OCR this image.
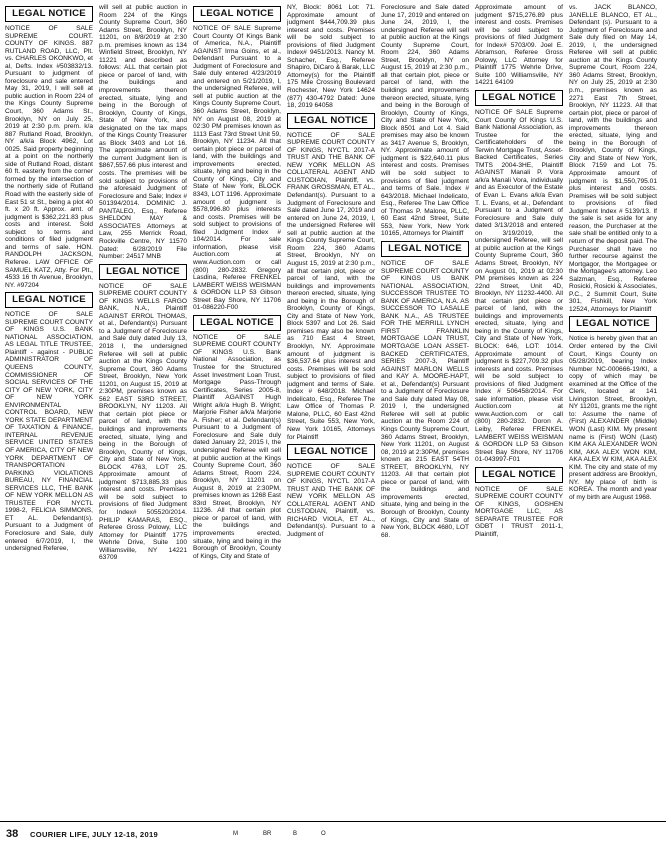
LEGAL NOTICE

NOTICE OF SALE SUPREME COURT. COUNTY OF KINGS. 887 RUTLAND ROAD, LLC, Plt. vs. CHARLES OKONKWO, et al, Defts. Index #503832/13. Pursuant to judgment of foreclosure and sale entered May 31, 2019, I will sell at public auction in Room 224 of the Kings County Supreme Court, 360 Adams St., Brooklyn, NY on July 25, 2019 at 2:30 p.m. prem. k/a 887 Rutland Road, Brooklyn, NY a/k/a Block 4962, Lot 0025. Said property beginning at a point on the northerly side of Rutland Road, distant 60 ft. easterly from the corner formed by the intersection of the northerly side of Rutland Road with the easterly side of East 51 st St., being a plot 40 ft. x 20 ft. Approx. amt. of judgment is $362,221.83 plus costs and interest. Sold subject to terms and conditions of filed judgment and terms of sale. HON. RANDOLPH JACKSON, Referee. LAW OFFICE OF SAMUEL KATZ, Atty. For Plt., 4533 16 th Avenue, Brooklyn, NY. #97204

LEGAL NOTICE

NOTICE OF SALE SUPREME COURT COUNTY OF KINGS U.S. BANK NATIONAL ASSOCIATION, AS LEGAL TITLE TRUSTEE, Plaintiff - against - PUBLIC ADMINISTRATOR OF QUEENS COUNTY, COMMISSIONER OF SOCIAL SERVICES OF THE CITY OF NEW YORK, CITY OF NEW YORK ENVIRONMENTAL CONTROL BOARD, NEW YORK STATE DEPARTMENT OF TAXATION & FINANCE, INTERNAL REVENUE SERVICE UNITED STATES OF AMERICA, CITY OF NEW YORK DEPARTMENT OF TRANSPORTATION PARKING VIOLATIONS BUREAU, NY FINANCIAL SERVICES LLC, THE BANK OF NEW YORK MELLON AS TRUSTEE FOR NYCTL 1998-2, FELICIA SIMMONS, ET AL. Defendant(s). Pursuant to a Judgment of Foreclosure and Sale, duly entered 6/7/2019, I, the undersigned Referee,

will sell at public auction in Room 224 of the Kings County Supreme Court, 360 Adams Street, Brooklyn, NY 11201, on 8/8/2019 at 2:30 p.m. premises known as 134 Winfield Street, Brooklyn, NY 11221 and described as follows: ALL that certain plot piece or parcel of land, with the buildings and improvements thereon erected, situate, lying and being in the Borough of Brooklyn, County of Kings, State of New York, and designated on the tax maps of the Kings County Treasurer as Block 3403 and Lot 16. The approximate amount of the current Judgment lien is $867,557.66 plus interest and costs. The premises will be sold subject to provisions of the aforesaid Judgment of Foreclosure and Sale; Index # 501394/2014. DOMINIC J. PANTALEO, Esq., Referee SHELDON MAY & ASSOCIATES Attorneys at Law, 255 Merrick Road, Rockville Centre, NY 11570 Dated: 6/28/2019 File Number: 24517 MNB

LEGAL NOTICE

NOTICE OF SALE SUPREME COURT COUNTY OF KINGS WELLS FARGO BANK, N.A., Plaintiff AGAINST ERROL THOMAS, et al., Defendant(s) Pursuant to a Judgment of Foreclosure and Sale duly dated July 13, 2018 I, the undersigned Referee will sell at public auction at the Kings County Supreme Court, 360 Adams Street, Brooklyn, New York 11201, on August 15, 2019 at 2:30PM, premises known as 562 EAST 53RD STREET, BROOKLYN, NY 11203. All that certain plot piece or parcel of land, with the buildings and improvements erected, situate, lying and being in the Borough of Brooklyn, County of Kings, City and State of New York, BLOCK 4763, LOT 25. Approximate amount of judgment $713,885.33 plus interest and costs. Premises will be sold subject to provisions of filed Judgment for Index# 505520/2014. PHILIP KAMARAS, ESQ., Referee Gross Polowy, LLC Attorney for Plaintiff 1775 Wehrle Drive, Suite 100 Williamsville, NY 14221 63709

LEGAL NOTICE

NOTICE OF SALE Supreme Court County Of Kings Bank of America, N.A., Plaintiff AGAINST Irma Goins, et al., Defendant Pursuant to a Judgment of Foreclosure and Sale duly entered 4/23/2019 and entered on 5/21/2019, I, the undersigned Referee, will sell at public auction at the Kings County Supreme Court, 360 Adams Street, Brooklyn, NY on August 08, 2019 at 02:30 PM premises known as 1113 East 73rd Street Unit 59, Brooklyn, NY 11234. All that certain plot piece or parcel of land, with the buildings and improvements erected, situate, lying and being in the County of Kings, City and State of New York, BLOCK 8343, LOT 1196. Approximate amount of judgment is $578,996.80 plus interests and costs. Premises will be sold subject to provisions of filed Judgment Index # 104/2014. For sale information, please visit Auction.com at www.Auction.com or call (800) 280-2832. Gregory Lasdina, Referee FRENKEL LAMBERT WEISS WEISMAN & GORDON LLP 53 Gibson Street Bay Shore, NY 11706 01-086220-F00

LEGAL NOTICE

NOTICE OF SALE SUPREME COURT COUNTY OF KINGS U.S. Bank National Association, as Trustee for the Structured Asset Investment Loan Trust, Mortgage Pass-Through Certificates, Series 2005-8, Plaintiff AGAINST Hugh Wright a/k/a Hugh B. Wright; Marjorie Fisher a/k/a Marjorie A. Fisher; et al. Defendant(s) Pursuant to a Judgment of Foreclosure and Sale duly dated January 22, 2015 I, the undersigned Referee will sell at public auction at the Kings County Supreme Court, 360 Adams Street, Room 224, Brooklyn, NY 11201 on August 8, 2019 at 2:30PM, premises known as 1268 East 83rd Street, Brooklyn, NY 11236. All that certain plot piece or parcel of land, with the buildings and improvements erected, situate, lying and being in the Borough of Brooklyn, County of Kings, City and State of

NY, Block: 8061 Lot: 71. Approximate amount of judgment $444,709.39 plus interest and costs. Premises will be sold subject to provisions of filed Judgment Index# 9451/2013. Nancy M. Schacher, Esq., Referee Shapiro, DiCaro & Barak, LLC Attorney(s) for the Plaintiff 175 Mile Crossing Boulevard Rochester, New York 14624 (877) 430-4792 Dated: June 18, 2019 64058

LEGAL NOTICE

NOTICE OF SALE SUPREME COURT COUNTY OF KINGS, NYCTL 2017-A TRUST AND THE BANK OF NEW YORK MELLON AS COLLATERAL AGENT AND CUSTODIAN, Plaintiff, vs. FRANK GROSSMAN, ET AL., Defendant(s). Pursuant to a Judgment of Foreclosure and Sale dated June 17, 2019 and entered on June 24, 2019, I, the undersigned Referee will sell at public auction at the Kings County Supreme Court, Room 224, 360 Adams Street, Brooklyn, NY on August 15, 2019 at 2:30 p.m., all that certain plot, piece or parcel of land, with the buildings and improvements thereon erected, situate, lying and being in the Borough of Brooklyn, County of Kings, City and State of New York, Block 5397 and Lot 26. Said premises may also be known as 710 East 4 Street, Brooklyn, NY. Approximate amount of judgment is $36,537.64 plus interest and costs. Premises will be sold subject to provisions of filed judgment and terms of Sale. Index # 648/2018. Michael Indelicato, Esq., Referee The Law Office of Thomas P. Malone, PLLC, 60 East 42nd Street, Suite 553, New York, New York 10165, Attorneys for Plaintiff

LEGAL NOTICE

NOTICE OF SALE SUPREME COURT COUNTY OF KINGS, NYCTL 2017-A TRUST AND THE BANK OF NEW YORK MELLON AS COLLATERAL AGENT AND CUSTODIAN, Plaintiff, vs. RICHARD VIOLA, ET AL., Defendant(s). Pursuant to a Judgment of

Foreclosure and Sale dated June 17, 2019 and entered on June 24, 2019, I, the undersigned Referee will sell at public auction at the Kings County Supreme Court, Room 224, 360 Adams Street, Brooklyn, NY on August 15, 2019 at 2:30 p.m., all that certain plot, piece or parcel of land, with the buildings and improvements thereon erected, situate, lying and being in the Borough of Brooklyn, County of Kings, City and State of New York, Block 8501 and Lot 4. Said premises may also be known as 3417 Avenue S, Brooklyn, NY. Approximate amount of judgment is $22,640.11 plus interest and costs. Premises will be sold subject to provisions of filed judgment and terms of Sale. Index # 643/2018. Michael Indelicato, Esq., Referee The Law Office of Thomas P. Malone, PLLC, 60 East 42nd Street, Suite 553, New York, New York 10165, Attorneys for Plaintiff

LEGAL NOTICE

NOTICE OF SALE SUPREME COURT COUNTY OF KINGS US BANK NATIONAL ASSOCIATION, SUCCESSOR TRUSTEE TO BANK OF AMERICA, N.A. AS SUCCESSOR TO LASALLE BANK N.A., AS TRUSTEE FOR THE MERRILL LYNCH FIRST FRANKLIN MORTGAGE LOAN TRUST, MORTGAGE LOAN ASSET-BACKED CERTIFICATES, SERIES 2007-3, Plaintiff AGAINST MARLON WELLS and KAY A. MOORE-HAPT, et al., Defendant(s) Pursuant to a Judgment of Foreclosure and Sale duly dated May 08, 2019 I, the undersigned Referee will sell at public auction at the Room 224 of Kings County Supreme Court, 360 Adams Street, Brooklyn, New York 11201, on August 08, 2019 at 2:30PM, premises known as 215 EAST 54TH STREET, BROOKLYN, NY 11203. All that certain plot piece or parcel of land, with the buildings and improvements erected, situate, lying and being in the Borough of Brooklyn, County of Kings, City and State of New York, BLOCK 4680, LOT 68.

Approximate amount of judgment $715,276.89 plus interest and costs. Premises will be sold subject to provisions of filed Judgment for Index# 5703/09. Joel E. Abramson, Referee Gross Polowy, LLC Attorney for Plaintiff 1775 Wehrle Drive, Suite 100 Williamsville, NY 14221 64109

LEGAL NOTICE

NOTICE OF SALE Supreme Court County Of Kings U.S. Bank National Association, as Trustee for the Certificateholders of the Terwin Mortgage Trust, Asset-Backed Certificates, Series TMTS 2004-3HE, Plaintiff AGAINST Manali P. Vora a/k/a Manali Vora, individually and as Executor of the Estate of Evan L. Evans a/k/a Evan T. L. Evans, et al., Defendant Pursuant to a Judgment of Foreclosure and Sale duly dated 3/13/2018 and entered on 3/19/2019, the undersigned Referee, will sell at public auction at the Kings County Supreme Court, 360 Adams Street, Brooklyn, NY on August 01, 2019 at 02:30 PM premises known as 224 22nd Street, Unit 4D, Brooklyn, NY 11232-4400. All that certain plot piece or parcel of land, with the buildings and improvements erected, situate, lying and being in the County of Kings, City and State of New York, BLOCK: 646, LOT: 1014. Approximate amount of judgment is $227,709.32 plus interests and costs. Premises will be sold subject to provisions of filed Judgment Index # 506458/2014. For sale information, please visit Auction.com at www.Auction.com or call (800) 280-2832. Doron A. Leiby, Referee FRENKEL LAMBERT WEISS WEISMAN & GORDON LLP 53 Gibson Street Bay Shore, NY 11706 01-043997-F01

LEGAL NOTICE

NOTICE OF SALE SUPREME COURT COUNTY OF KINGS, GOSHEN MORTGAGE LLC, AS SEPARATE TRUSTEE FOR GDBT I TRUST 2011-1, Plaintiff,

vs. JACK BLANCO, JANELLE BLANCO, ET AL., Defendant (s). Pursuant to a Judgment of Foreclosure and Sale duly filed on May 14, 2019, I, the undersigned Referee will sell at public auction at the Kings County Supreme Court, Room 224, 360 Adams Street, Brooklyn, NY on July 25, 2019 at 2:30 p.m., premises known as 2271 East 7th Street, Brooklyn, NY 11223. All that certain plot, piece or parcel of land, with the buildings and improvements thereon erected, situate, lying and being in the Borough of Brooklyn, County of Kings, City and State of New York, Block 7159 and Lot 75. Approximate amount of judgment is $1,550,795.01 plus interest and costs. Premises will be sold subject to provisions of filed Judgment Index # 5139/13. If the sale is set aside for any reason, the Purchaser at the sale shall be entitled only to a return of the deposit paid. The Purchaser shall have no further recourse against the Mortgagor, the Mortgagee or the Mortgagee's attorney. Leo Salzman, Esq., Referee Rosicki, Rosicki & Associates, P.C., 2 Summit Court, Suite 301, Fishkill, New York 12524, Attorneys for Plaintiff

LEGAL NOTICE

Notice is hereby given that an Order entered by the Civil Court, Kings County on 05/28/2019, bearing Index Number NC-000666-19/KI, a copy of which may be examined at the Office of the Clerk, located at 141 Livingston Street, Brooklyn, NY 11201, grants me the right to: Assume the name of (First) ALEXANDER (Middle) WON (Last) KIM. My present name is (First) WON (Last) KIM AKA ALEXANDER WON KIM, AKA ALEX WON KIM, AKA ALEX W KIM, AKA ALEX KIM. The city and state of my present address are Brooklyn, NY. My place of birth is KOREA. The month and year of my birth are August 1968.

38 COURIER LIFE, JULY 12-18, 2019	M	BR	B	O
